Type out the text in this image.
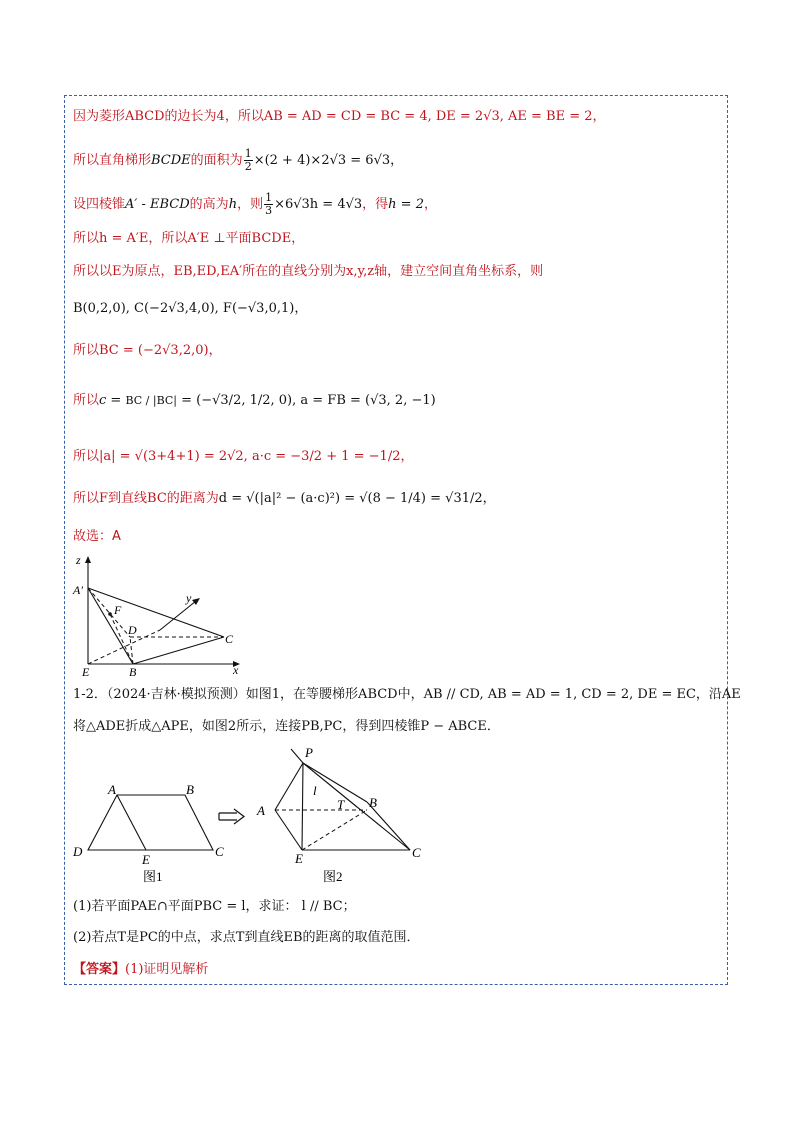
因为菱形ABCD的边长为4，所以AB = AD = CD = BC = 4, DE = 2√3, AE = BE = 2，
所以直角梯形BCDE的面积为 $\frac{1}{2} \times(2 + 4)\times 2√3 = 6√3$，
设四棱锥A′ - EBCD的高为h，则 $\frac{1}{3} \times 6√3h = 4√3$，得h = 2，
所以h = A′E，所以A′E ⊥平面BCDE，
所以以E为原点，EB,ED,EA′所在的直线分别为x,y,z轴，建立空间直角坐标系，则
B(0,2,0), C(−2√3,4,0), F(−√3,0,1)，
所以BC = (−2√3,2,0)，
所以c = BC / |BC| = (−√3/2, 1/2, 0), a = FB = (√3, 2, −1)
所以|a| = √(3+4+1) = 2√2, a·c = −3/2 + 1 = −1/2，
所以F到直线BC的距离为d = √(|a|² − (a·c)²) = √(8 − 1/4) = √31/2，
故选：A
z
A′
F
D
C
y
E	B	x
1-2．（2024·吉林·模拟预测）如图1，在等腰梯形ABCD中，AB // CD, AB = AD = 1, CD = 2, DE = EC，沿AE
将△ADE折成△APE，如图2所示，连接PB,PC，得到四棱锥P − ABCE．
A	B
D
E
C
图1
P
l
T
A
B
E	C
图2
(1)若平面PAE∩平面PBC = l，求证： l // BC；
(2)若点T是PC的中点，求点T到直线EB的距离的取值范围．
【答案】(1)证明见解析
